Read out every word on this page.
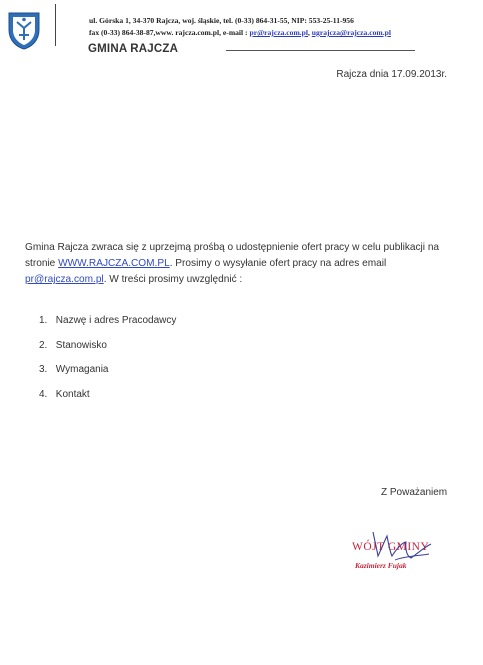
ul. Górska 1, 34-370 Rajcza, woj. śląskie, tel. (0-33) 864-31-55, NIP: 553-25-11-956
fax (0-33) 864-38-87,www. rajcza.com.pl, e-mail : pr@rajcza.com.pl, ugrajcza@rajcza.com.pl
GMINA RAJCZA
Rajcza dnia 17.09.2013r.
Gmina Rajcza zwraca się z uprzejmą prośbą o udostępnienie ofert pracy w celu publikacji na stronie WWW.RAJCZA.COM.PL. Prosimy o wysyłanie ofert pracy na adres email pr@rajcza.com.pl. W treści prosimy uwzględnić :
1. Nazwę i adres Pracodawcy
2. Stanowisko
3. Wymagania
4. Kontakt
Z Poważaniem
WÓJT GMINY
Kazimierz Fujak
